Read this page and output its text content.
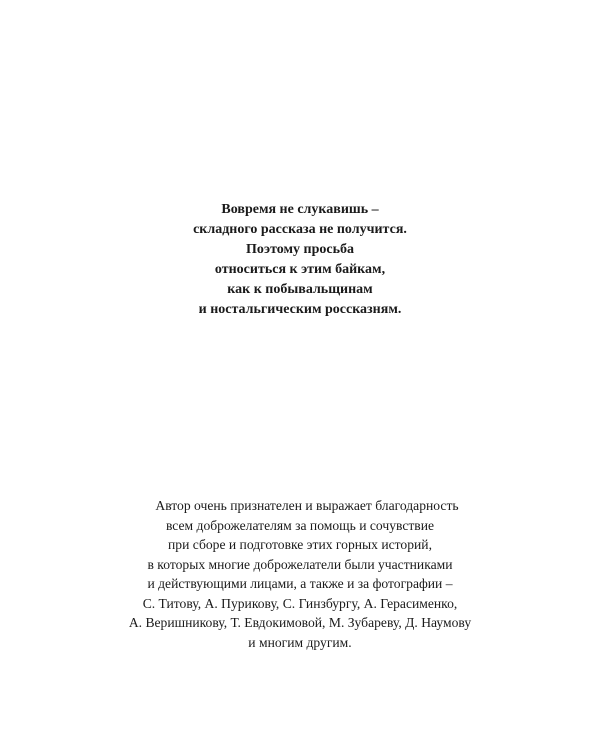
Вовремя не слукавишь –
складного рассказа не получится.
Поэтому просьба
относиться к этим байкам,
как к побывальщинам
и ностальгическим россказням.
Автор очень признателен и выражает благодарность
всем доброжелателям за помощь и сочувствие
при сборе и подготовке этих горных историй,
в которых многие доброжелатели были участниками
и действующими лицами, а также и за фотографии –
С. Титову, А. Пурикову, С. Гинзбургу, А. Герасименко,
А. Веришникову, Т. Евдокимовой, М. Зубареву, Д. Наумову
и многим другим.
